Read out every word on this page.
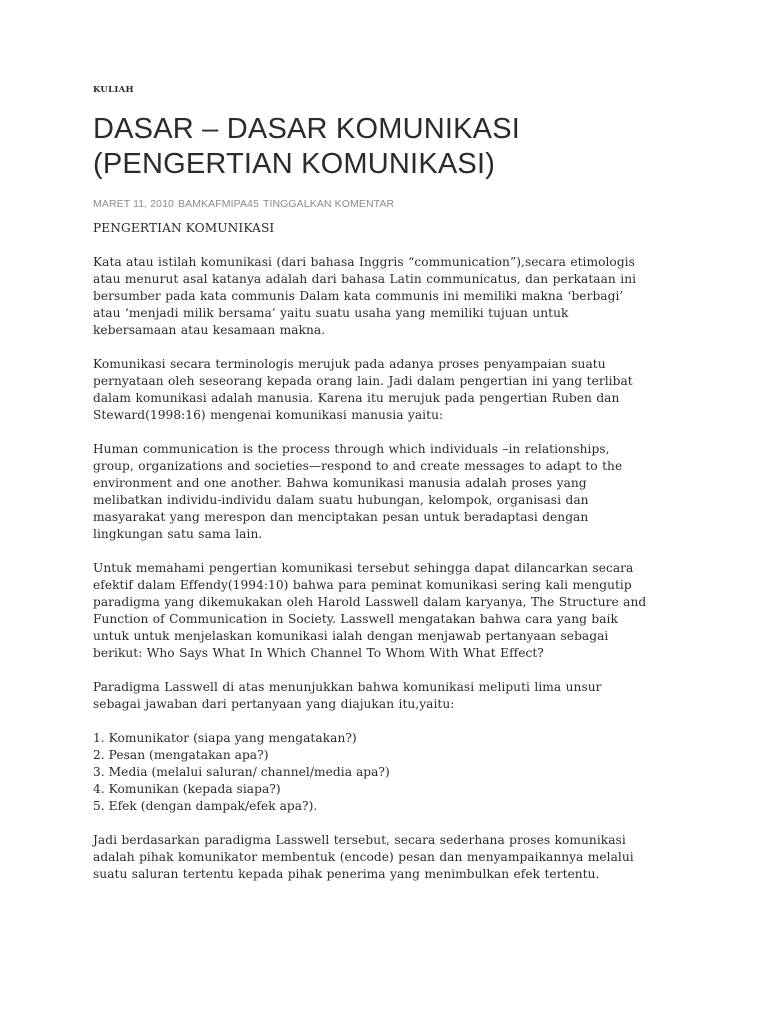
KULIAH

DASAR – DASAR KOMUNIKASI
(PENGERTIAN KOMUNIKASI)
MARET 11, 2010 BAMKAFMIPA45 TINGGALKAN KOMENTAR
PENGERTIAN KOMUNIKASI

Kata atau istilah komunikasi (dari bahasa Inggris “communication”),secara etimologis

atau menurut asal katanya adalah dari bahasa Latin communicatus, dan perkataan ini

bersumber pada kata communis Dalam kata communis ini memiliki makna ‘berbagi’

atau ‘menjadi milik bersama’ yaitu suatu usaha yang memiliki tujuan untuk

kebersamaan atau kesamaan makna.

Komunikasi secara terminologis merujuk pada adanya proses penyampaian suatu

pernyataan oleh seseorang kepada orang lain. Jadi dalam pengertian ini yang terlibat

dalam komunikasi adalah manusia. Karena itu merujuk pada pengertian Ruben dan

Steward(1998:16) mengenai komunikasi manusia yaitu:

Human communication is the process through which individuals –in relationships,

group, organizations and societies—respond to and create messages to adapt to the

environment and one another. Bahwa komunikasi manusia adalah proses yang

melibatkan individu-individu dalam suatu hubungan, kelompok, organisasi dan

masyarakat yang merespon dan menciptakan pesan untuk beradaptasi dengan

lingkungan satu sama lain.

Untuk memahami pengertian komunikasi tersebut sehingga dapat dilancarkan secara

efektif dalam Effendy(1994:10) bahwa para peminat komunikasi sering kali mengutip

paradigma yang dikemukakan oleh Harold Lasswell dalam karyanya, The Structure and

Function of Communication in Society. Lasswell mengatakan bahwa cara yang baik

untuk untuk menjelaskan komunikasi ialah dengan menjawab pertanyaan sebagai

berikut: Who Says What In Which Channel To Whom With What Effect?

Paradigma Lasswell di atas menunjukkan bahwa komunikasi meliputi lima unsur

sebagai jawaban dari pertanyaan yang diajukan itu,yaitu:

1. Komunikator (siapa yang mengatakan?)
2. Pesan (mengatakan apa?)
3. Media (melalui saluran/ channel/media apa?)
4. Komunikan (kepada siapa?)
5. Efek (dengan dampak/efek apa?).

Jadi berdasarkan paradigma Lasswell tersebut, secara sederhana proses komunikasi

adalah pihak komunikator membentuk (encode) pesan dan menyampaikannya melalui

suatu saluran tertentu kepada pihak penerima yang menimbulkan efek tertentu.
